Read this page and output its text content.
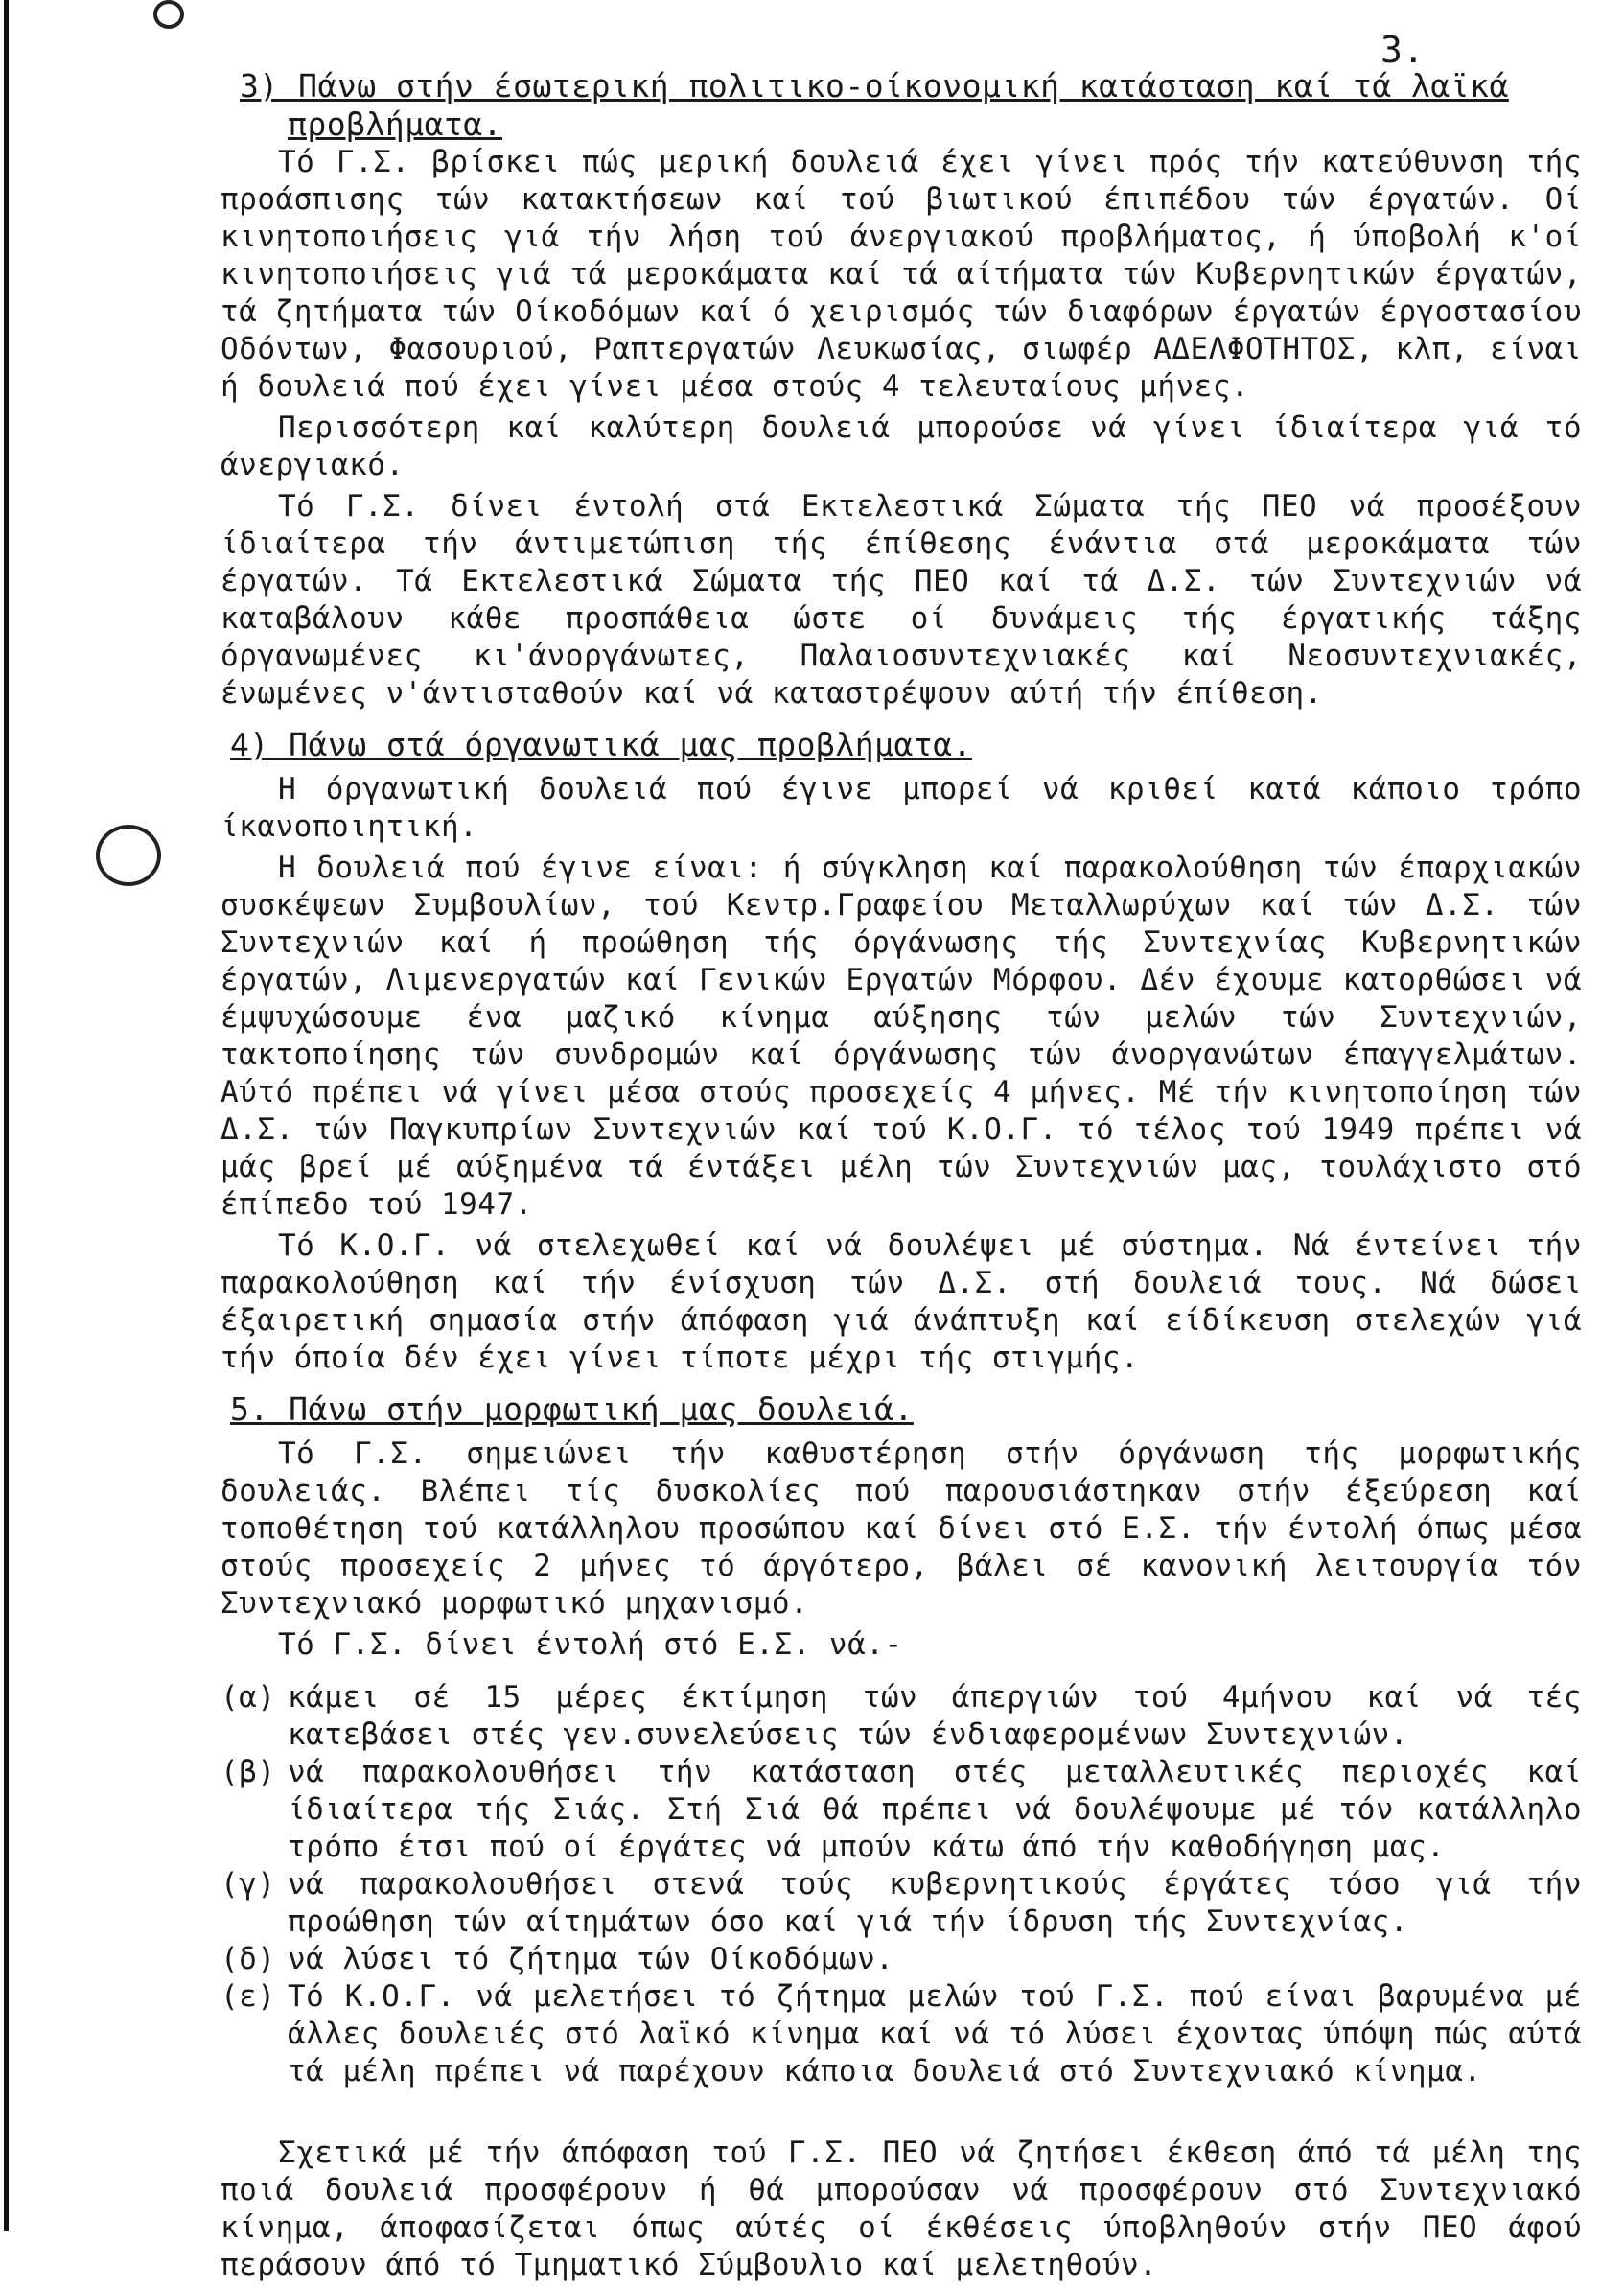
3.
3) Πάνω στήν έσωτερική πολιτικο-οίκονομική κατάσταση καί τά λαϊκά
προβλήματα.

Τό Γ.Σ. βρίσκει πώς μερική δουλειά έχει γίνει πρός τήν κατεύθυνση τής προάσπισης τών κατακτήσεων καί τού βιωτικού έπιπέδου τών έργατών. Οί κινητοποιήσεις γιά τήν λήση τού άνεργιακού προβλήματος, ή ύποβολή κ'οί κινητοποιήσεις γιά τά μεροκάματα καί τά αίτήματα τών Κυβερνητικών έργατών, τά ζητήματα τών Οίκοδόμων καί ό χειρισμός τών διαφόρων έργατών έργοστασίου Οδόντων, Φασουριού, Ραπτεργατών Λευκωσίας, σιωφέρ ΑΔΕΛΦΟΤΗΤΟΣ, κλπ, είναι ή δουλειά πού έχει γίνει μέσα στούς 4 τελευταίους μήνες.

Περισσότερη καί καλύτερη δουλειά μπορούσε νά γίνει ίδιαίτερα γιά τό άνεργιακό.

Τό Γ.Σ. δίνει έντολή στά Εκτελεστικά Σώματα τής ΠΕΟ νά προσέξουν ίδιαίτερα τήν άντιμετώπιση τής έπίθεσης ένάντια στά μεροκάματα τών έργατών. Τά Εκτελεστικά Σώματα τής ΠΕΟ καί τά Δ.Σ. τών Συντεχνιών νά καταβάλουν κάθε προσπάθεια ώστε οί δυνάμεις τής έργατικής τάξης όργανωμένες κι'άνοργάνωτες, Παλαιοσυντεχνιακές καί Νεοσυντεχνιακές, ένωμένες ν'άντισταθούν καί νά καταστρέψουν αύτή τήν έπίθεση.

4) Πάνω στά όργανωτικά μας προβλήματα.

Η όργανωτική δουλειά πού έγινε μπορεί νά κριθεί κατά κάποιο τρόπο ίκανοποιητική.

Η δουλειά πού έγινε είναι: ή σύγκληση καί παρακολούθηση τών έπαρχιακών συσκέψεων Συμβουλίων, τού Κεντρ.Γραφείου Μεταλλωρύχων καί τών Δ.Σ. τών Συντεχνιών καί ή προώθηση τής όργάνωσης τής Συντεχνίας Κυβερνητικών έργατών, Λιμενεργατών καί Γενικών Εργατών Μόρφου. Δέν έχουμε κατορθώσει νά έμψυχώσουμε ένα μαζικό κίνημα αύξησης τών μελών τών Συντεχνιών, τακτοποίησης τών συνδρομών καί όργάνωσης τών άνοργανώτων έπαγγελμάτων. Αύτό πρέπει νά γίνει μέσα στούς προσεχείς 4 μήνες. Μέ τήν κινητοποίηση τών Δ.Σ. τών Παγκυπρίων Συντεχνιών καί τού Κ.Ο.Γ. τό τέλος τού 1949 πρέπει νά μάς βρεί μέ αύξημένα τά έντάξει μέλη τών Συντεχνιών μας, τουλάχιστο στό έπίπεδο τού 1947.

Τό Κ.Ο.Γ. νά στελεχωθεί καί νά δουλέψει μέ σύστημα. Νά έντείνει τήν παρακολούθηση καί τήν ένίσχυση τών Δ.Σ. στή δουλειά τους. Νά δώσει έξαιρετική σημασία στήν άπόφαση γιά άνάπτυξη καί είδίκευση στελεχών γιά τήν όποία δέν έχει γίνει τίποτε μέχρι τής στιγμής.

5. Πάνω στήν μορφωτική μας δουλειά.

Τό Γ.Σ. σημειώνει τήν καθυστέρηση στήν όργάνωση τής μορφωτικής δουλειάς. Βλέπει τίς δυσκολίες πού παρουσιάστηκαν στήν έξεύρεση καί τοποθέτηση τού κατάλληλου προσώπου καί δίνει στό Ε.Σ. τήν έντολή όπως μέσα στούς προσεχείς 2 μήνες τό άργότερο, βάλει σέ κανονική λειτουργία τόν Συντεχνιακό μορφωτικό μηχανισμό.

Τό Γ.Σ. δίνει έντολή στό Ε.Σ. νά.-

(α) κάμει σέ 15 μέρες έκτίμηση τών άπεργιών τού 4μήνου καί νά τές κατεβάσει στές γεν.συνελεύσεις τών ένδιαφερομένων Συντεχνιών.
(β) νά παρακολουθήσει τήν κατάσταση στές μεταλλευτικές περιοχές καί ίδιαίτερα τής Σιάς. Στή Σιά θά πρέπει νά δουλέψουμε μέ τόν κατάλληλο τρόπο έτσι πού οί έργάτες νά μπούν κάτω άπό τήν καθοδήγηση μας.
(γ) νά παρακολουθήσει στενά τούς κυβερνητικούς έργάτες τόσο γιά τήν προώθηση τών αίτημάτων όσο καί γιά τήν ίδρυση τής Συντεχνίας.
(δ) νά λύσει τό ζήτημα τών Οίκοδόμων.
(ε) Τό Κ.Ο.Γ. νά μελετήσει τό ζήτημα μελών τού Γ.Σ. πού είναι βαρυμένα μέ άλλες δουλειές στό λαϊκό κίνημα καί νά τό λύσει έχοντας ύπόψη πώς αύτά τά μέλη πρέπει νά παρέχουν κάποια δουλειά στό Συντεχνιακό κίνημα.

Σχετικά μέ τήν άπόφαση τού Γ.Σ. ΠΕΟ νά ζητήσει έκθεση άπό τά μέλη της ποιά δουλειά προσφέρουν ή θά μπορούσαν νά προσφέρουν στό Συντεχνιακό κίνημα, άποφασίζεται όπως αύτές οί έκθέσεις ύποβληθούν στήν ΠΕΟ άφού περάσουν άπό τό Τμηματικό Σύμβουλιο καί μελετηθούν.
